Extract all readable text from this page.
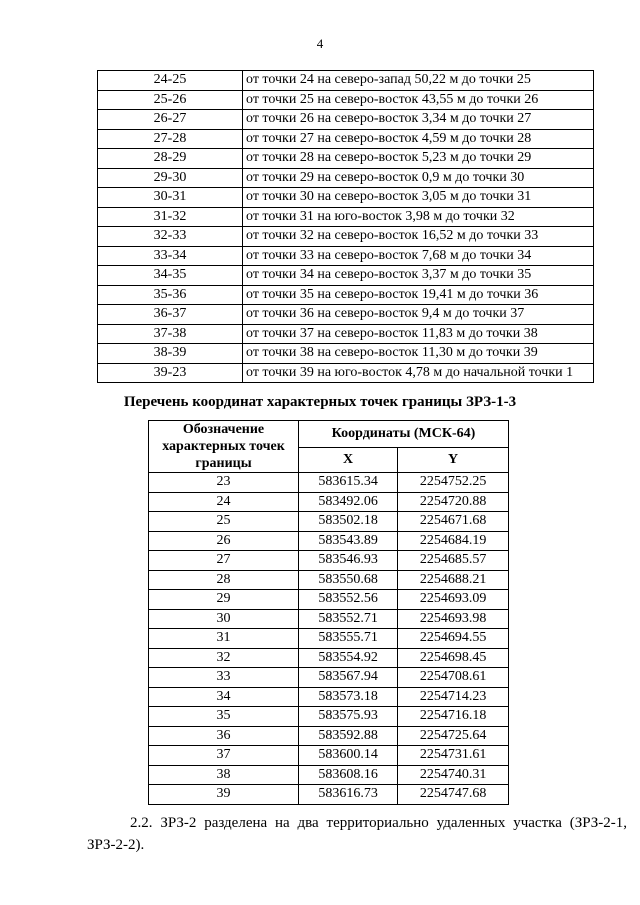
4
24-25	от точки 24 на северо-запад 50,22 м до точки 25
25-26	от точки 25 на северо-восток 43,55 м до точки 26
26-27	от точки 26 на северо-восток 3,34 м до точки 27
27-28	от точки 27 на северо-восток 4,59 м до точки 28
28-29	от точки 28 на северо-восток 5,23 м до точки 29
29-30	от точки 29 на северо-восток 0,9 м до точки 30
30-31	от точки 30 на северо-восток 3,05 м до точки 31
31-32	от точки 31 на юго-восток 3,98 м до точки 32
32-33	от точки 32 на северо-восток 16,52 м до точки 33
33-34	от точки 33 на северо-восток 7,68 м до точки 34
34-35	от точки 34 на северо-восток 3,37 м до точки 35
35-36	от точки 35 на северо-восток 19,41 м до точки 36
36-37	от точки 36 на северо-восток 9,4 м до точки 37
37-38	от точки 37 на северо-восток 11,83 м до точки 38
38-39	от точки 38 на северо-восток 11,30 м до точки 39
39-23	от точки 39 на юго-восток 4,78 м до начальной точки 1
Перечень координат характерных точек границы ЗРЗ-1-3
Обозначение характерных точек границы	Координаты (МСК-64)	
	X	Y
23	583615.34	2254752.25
24	583492.06	2254720.88
25	583502.18	2254671.68
26	583543.89	2254684.19
27	583546.93	2254685.57
28	583550.68	2254688.21
29	583552.56	2254693.09
30	583552.71	2254693.98
31	583555.71	2254694.55
32	583554.92	2254698.45
33	583567.94	2254708.61
34	583573.18	2254714.23
35	583575.93	2254716.18
36	583592.88	2254725.64
37	583600.14	2254731.61
38	583608.16	2254740.31
39	583616.73	2254747.68
2.2. ЗРЗ-2 разделена на два территориально удаленных участка (ЗРЗ-2-1, ЗРЗ-2-2).
